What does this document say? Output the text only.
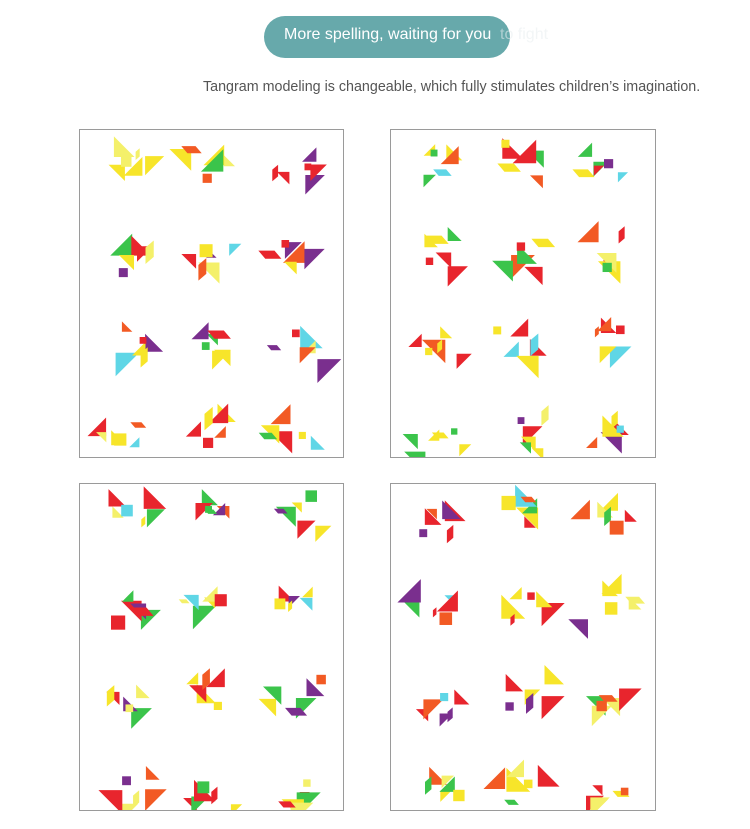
More spelling, waiting for you to fight
Tangram modeling is changeable, which fully stimulates children’s imagination.
